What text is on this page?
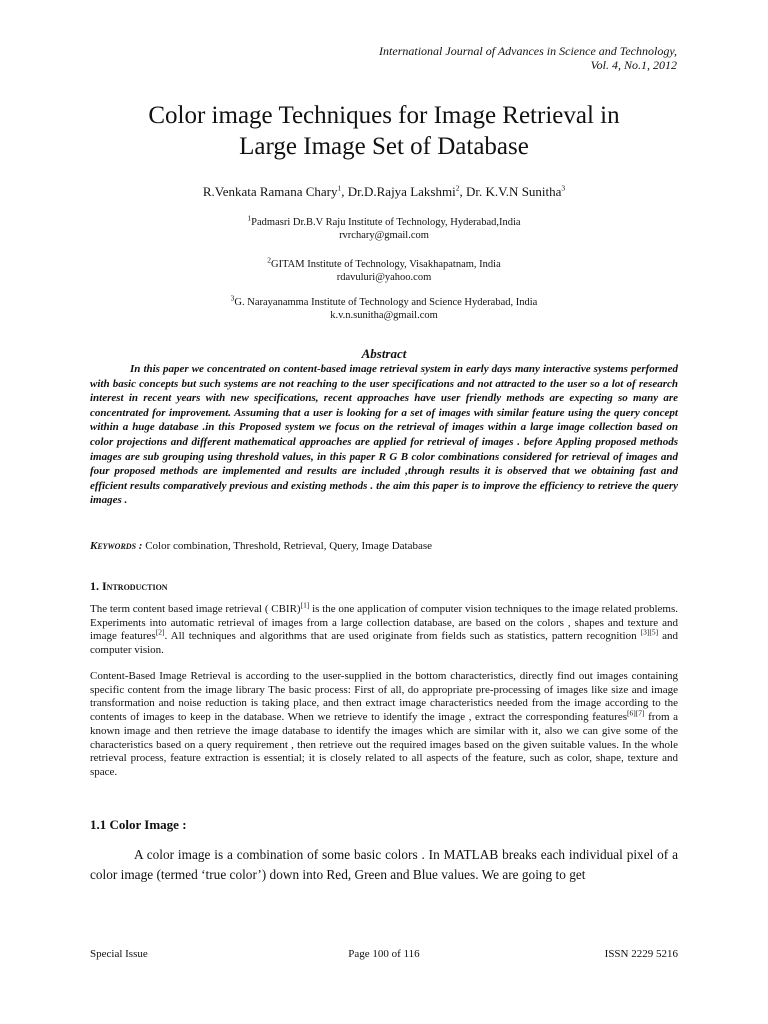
International Journal of Advances in Science and Technology,
Vol. 4, No.1, 2012
Color image Techniques for Image Retrieval in
Large Image Set of Database
R.Venkata Ramana Chary$^1$, Dr.D.Rajya Lakshmi$^2$, Dr. K.V.N Sunitha$^3$
$^1$Padmasri Dr.B.V Raju Institute of Technology, Hyderabad,India
rvrchary@gmail.com
$^2$GITAM Institute of Technology, Visakhapatnam, India
rdavuluri@yahoo.com
$^3$G. Narayanamma Institute of Technology and Science Hyderabad, India
k.v.n.sunitha@gmail.com
Abstract
In this paper we concentrated on content-based image retrieval system in early days many interactive systems performed with basic concepts but such systems are not reaching to the user specifications and not attracted to the user so a lot of research interest in recent years with new specifications, recent approaches have user friendly methods are expecting so many are concentrated for improvement. Assuming that a user is looking for a set of images with similar feature using the query concept within a huge database .in this Proposed system we focus on the retrieval of images within a large image collection based on color projections and different mathematical approaches are applied for retrieval of images . before Appling proposed methods images are sub grouping using threshold values, in this paper R G B color combinations considered for retrieval of images and four proposed methods are implemented and results are included ,through results it is observed that we obtaining fast and efficient results comparatively previous and existing methods . the aim this paper is to improve the efficiency to retrieve the query images .
Keywords : Color combination, Threshold, Retrieval, Query, Image Database
1. Introduction
The term content based image retrieval ( CBIR)[1] is the one application of computer vision techniques to the image related problems. Experiments into automatic retrieval of images from a large collection database, are based on the colors , shapes and texture and image features[2]. All techniques and algorithms that are used originate from fields such as statistics, pattern recognition [3][5] and computer vision.
Content-Based Image Retrieval is according to the user-supplied in the bottom characteristics, directly find out images containing specific content from the image library The basic process: First of all, do appropriate pre-processing of images like size and image transformation and noise reduction is taking place, and then extract image characteristics needed from the image according to the contents of images to keep in the database. When we retrieve to identify the image , extract the corresponding features[6][7] from a known image and then retrieve the image database to identify the images which are similar with it, also we can give some of the characteristics based on a query requirement , then retrieve out the required images based on the given suitable values. In the whole retrieval process, feature extraction is essential; it is closely related to all aspects of the feature, such as color, shape, texture and space.
1.1 Color Image :
A color image is a combination of some basic colors . In MATLAB breaks each individual pixel of a color image (termed ‘true color’) down into Red, Green and Blue values. We are going to get
Special Issue	Page 100 of 116	ISSN 2229 5216
